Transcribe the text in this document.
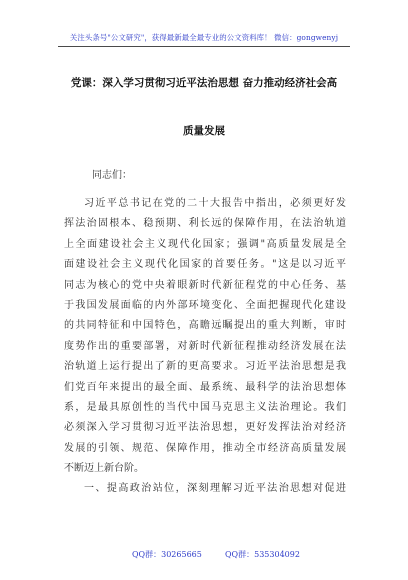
关注头条号"公文研究"，获得最新最全最专业的公文资料库！ 微信：gongwenyj
党课：深入学习贯彻习近平法治思想 奋力推动经济社会高
质量发展
同志们：
习近平总书记在党的二十大报告中指出，必须更好发
挥法治固根本、稳预期、利长远的保障作用，在法治轨道
上全面建设社会主义现代化国家；强调"高质量发展是全
面建设社会主义现代化国家的首要任务。"这是以习近平
同志为核心的党中央着眼新时代新征程党的中心任务、基
于我国发展面临的内外部环境变化、全面把握现代化建设
的共同特征和中国特色，高瞻远瞩提出的重大判断，审时
度势作出的重要部署，对新时代新征程推动经济发展在法
治轨道上运行提出了新的更高要求。习近平法治思想是我
们党百年来提出的最全面、最系统、最科学的法治思想体
系，是最具原创性的当代中国马克思主义法治理论。我们
必须深入学习贯彻习近平法治思想，更好发挥法治对经济
发展的引领、规范、保障作用，推动全市经济高质量发展
不断迈上新台阶。
一、提高政治站位，深刻理解习近平法治思想对促进
QQ群：30265665	QQ群：535304092
